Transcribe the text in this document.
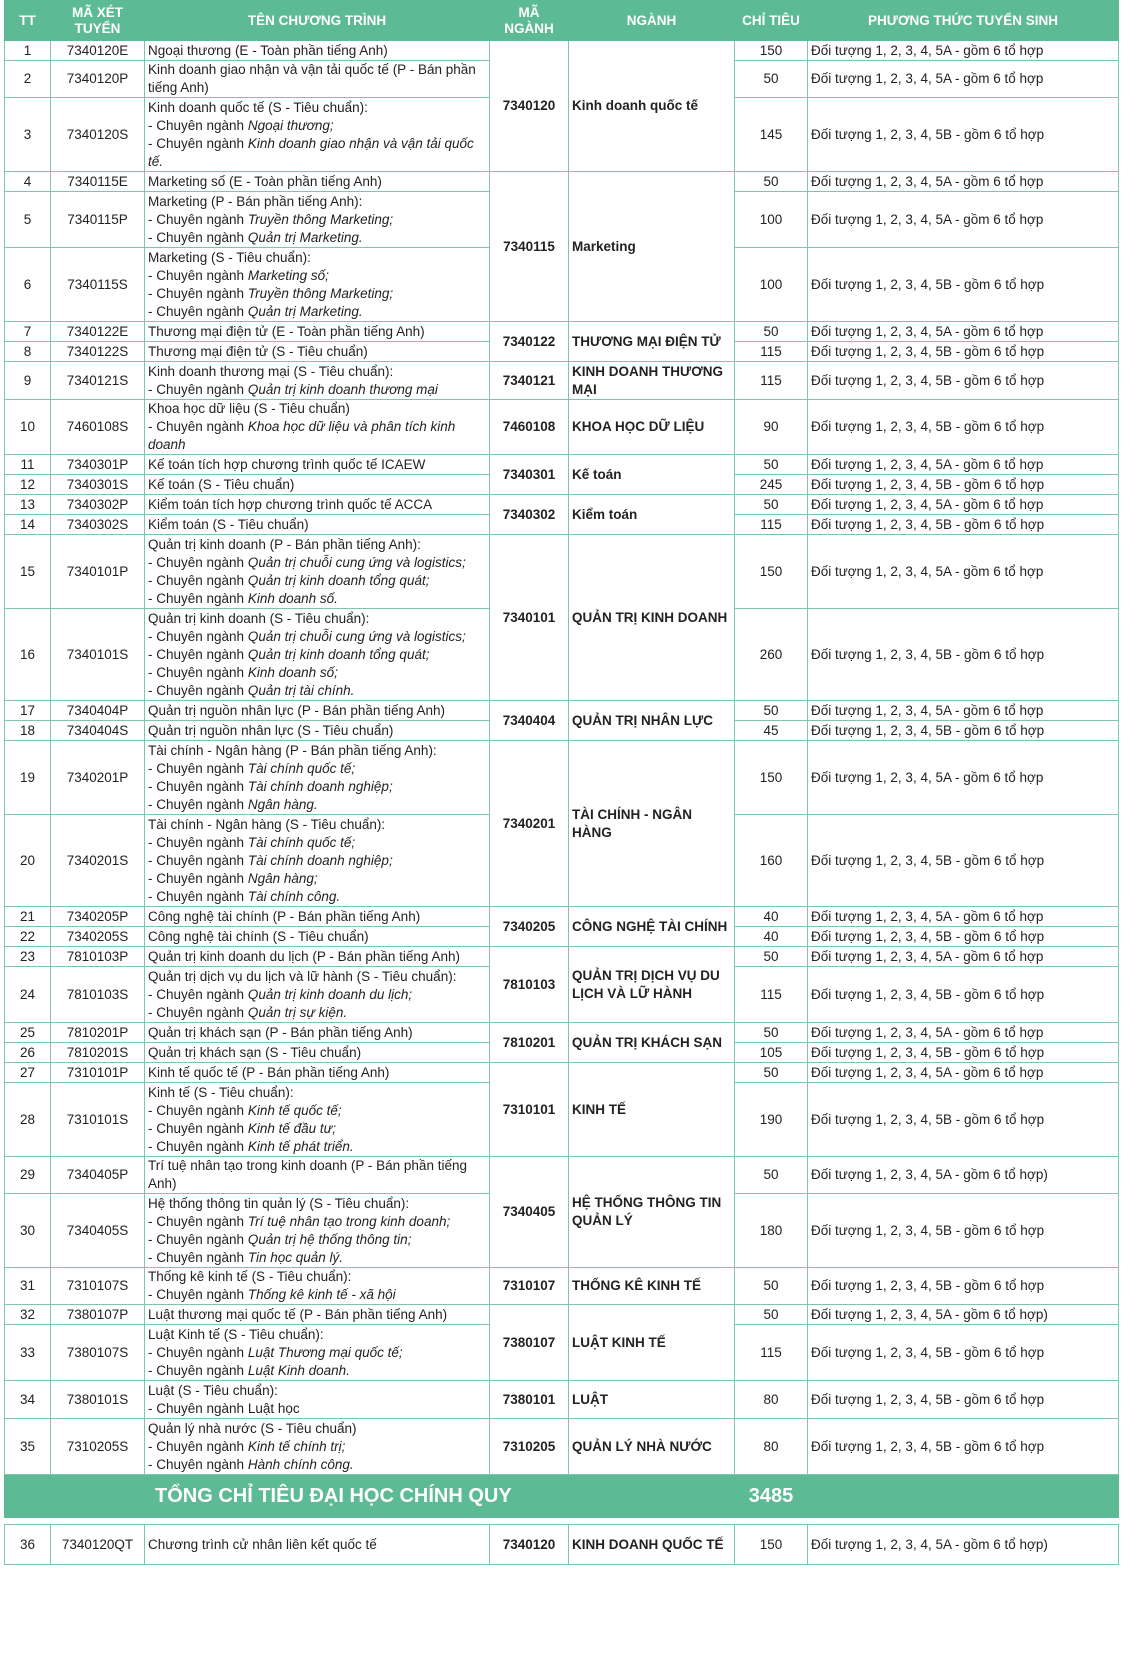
TT	MÃ XÉT TUYỂN	TÊN CHƯƠNG TRÌNH	MÃ NGÀNH	NGÀNH	CHỈ TIÊU	PHƯƠNG THỨC TUYỂN SINH
1	7340120E	Ngoại thương (E - Toàn phần tiếng Anh)	7340120	Kinh doanh quốc tế	150	Đối tượng 1, 2, 3, 4, 5A - gồm 6 tổ hợp
2	7340120P	Kinh doanh giao nhận và vận tải quốc tế (P - Bán phần tiếng Anh)			50	Đối tượng 1, 2, 3, 4, 5A - gồm 6 tổ hợp
3	7340120S	Kinh doanh quốc tế (S - Tiêu chuẩn):
- Chuyên ngành Ngoại thương;
- Chuyên ngành Kinh doanh giao nhận và vận tải quốc tế.			145	Đối tượng 1, 2, 3, 4, 5B - gồm 6 tổ hợp
4	7340115E	Marketing số (E - Toàn phần tiếng Anh)	7340115	Marketing	50	Đối tượng 1, 2, 3, 4, 5A - gồm 6 tổ hợp
5	7340115P	Marketing (P - Bán phần tiếng Anh):
- Chuyên ngành Truyền thông Marketing;
- Chuyên ngành Quản trị Marketing.			100	Đối tượng 1, 2, 3, 4, 5A - gồm 6 tổ hợp
6	7340115S	Marketing (S - Tiêu chuẩn):
- Chuyên ngành Marketing số;
- Chuyên ngành Truyền thông Marketing;
- Chuyên ngành Quản trị Marketing.			100	Đối tượng 1, 2, 3, 4, 5B - gồm 6 tổ hợp
7	7340122E	Thương mại điện tử (E - Toàn phần tiếng Anh)	7340122	THƯƠNG MẠI ĐIỆN TỬ	50	Đối tượng 1, 2, 3, 4, 5A - gồm 6 tổ hợp
8	7340122S	Thương mại điện tử (S - Tiêu chuẩn)			115	Đối tượng 1, 2, 3, 4, 5B - gồm 6 tổ hợp
9	7340121S	Kinh doanh thương mại (S - Tiêu chuẩn):
- Chuyên ngành Quản trị kinh doanh thương mại	7340121	KINH DOANH THƯƠNG MẠI	115	Đối tượng 1, 2, 3, 4, 5B - gồm 6 tổ hợp
10	7460108S	Khoa học dữ liệu (S - Tiêu chuẩn)
- Chuyên ngành Khoa học dữ liệu và phân tích kinh doanh	7460108	KHOA HỌC DỮ LIỆU	90	Đối tượng 1, 2, 3, 4, 5B - gồm 6 tổ hợp
11	7340301P	Kế toán tích hợp chương trình quốc tế ICAEW	7340301	Kế toán	50	Đối tượng 1, 2, 3, 4, 5A - gồm 6 tổ hợp
12	7340301S	Kế toán (S - Tiêu chuẩn)			245	Đối tượng 1, 2, 3, 4, 5B - gồm 6 tổ hợp
13	7340302P	Kiểm toán tích hợp chương trình quốc tế ACCA	7340302	Kiểm toán	50	Đối tượng 1, 2, 3, 4, 5A - gồm 6 tổ hợp
14	7340302S	Kiểm toán (S - Tiêu chuẩn)			115	Đối tượng 1, 2, 3, 4, 5B - gồm 6 tổ hợp
15	7340101P	Quản trị kinh doanh (P - Bán phần tiếng Anh):
- Chuyên ngành Quản trị chuỗi cung ứng và logistics;
- Chuyên ngành Quản trị kinh doanh tổng quát;
- Chuyên ngành Kinh doanh số.	7340101	QUẢN TRỊ KINH DOANH	150	Đối tượng 1, 2, 3, 4, 5A - gồm 6 tổ hợp
16	7340101S	Quản trị kinh doanh (S - Tiêu chuẩn):
- Chuyên ngành Quản trị chuỗi cung ứng và logistics;
- Chuyên ngành Quản trị kinh doanh tổng quát;
- Chuyên ngành Kinh doanh số;
- Chuyên ngành Quản trị tài chính.			260	Đối tượng 1, 2, 3, 4, 5B - gồm 6 tổ hợp
17	7340404P	Quản trị nguồn nhân lực (P - Bán phần tiếng Anh)	7340404	QUẢN TRỊ NHÂN LỰC	50	Đối tượng 1, 2, 3, 4, 5A - gồm 6 tổ hợp
18	7340404S	Quản trị nguồn nhân lực (S - Tiêu chuẩn)			45	Đối tượng 1, 2, 3, 4, 5B - gồm 6 tổ hợp
19	7340201P	Tài chính - Ngân hàng (P - Bán phần tiếng Anh):
- Chuyên ngành Tài chính quốc tế;
- Chuyên ngành Tài chính doanh nghiệp;
- Chuyên ngành Ngân hàng.	7340201	TÀI CHÍNH - NGÂN HÀNG	150	Đối tượng 1, 2, 3, 4, 5A - gồm 6 tổ hợp
20	7340201S	Tài chính - Ngân hàng (S - Tiêu chuẩn):
- Chuyên ngành Tài chính quốc tế;
- Chuyên ngành Tài chính doanh nghiệp;
- Chuyên ngành Ngân hàng;
- Chuyên ngành Tài chính công.			160	Đối tượng 1, 2, 3, 4, 5B - gồm 6 tổ hợp
21	7340205P	Công nghệ tài chính (P - Bán phần tiếng Anh)	7340205	CÔNG NGHỆ TÀI CHÍNH	40	Đối tượng 1, 2, 3, 4, 5A - gồm 6 tổ hợp
22	7340205S	Công nghệ tài chính (S - Tiêu chuẩn)			40	Đối tượng 1, 2, 3, 4, 5B - gồm 6 tổ hợp
23	7810103P	Quản trị kinh doanh du lịch (P - Bán phần tiếng Anh)	7810103	QUẢN TRỊ DỊCH VỤ DU LỊCH VÀ LỮ HÀNH	50	Đối tượng 1, 2, 3, 4, 5A - gồm 6 tổ hợp
24	7810103S	Quản trị dịch vụ du lịch và lữ hành (S - Tiêu chuẩn):
- Chuyên ngành Quản trị kinh doanh du lịch;
- Chuyên ngành Quản trị sự kiện.			115	Đối tượng 1, 2, 3, 4, 5B - gồm 6 tổ hợp
25	7810201P	Quản trị khách sạn (P - Bán phần tiếng Anh)	7810201	QUẢN TRỊ KHÁCH SẠN	50	Đối tượng 1, 2, 3, 4, 5A - gồm 6 tổ hợp
26	7810201S	Quản trị khách sạn (S - Tiêu chuẩn)			105	Đối tượng 1, 2, 3, 4, 5B - gồm 6 tổ hợp
27	7310101P	Kinh tế quốc tế (P - Bán phần tiếng Anh)	7310101	KINH TẾ	50	Đối tượng 1, 2, 3, 4, 5A - gồm 6 tổ hợp
28	7310101S	Kinh tế (S - Tiêu chuẩn):
- Chuyên ngành Kinh tế quốc tế;
- Chuyên ngành Kinh tế đầu tư;
- Chuyên ngành Kinh tế phát triển.			190	Đối tượng 1, 2, 3, 4, 5B - gồm 6 tổ hợp
29	7340405P	Trí tuệ nhân tạo trong kinh doanh (P - Bán phần tiếng Anh)	7340405	HỆ THỐNG THÔNG TIN QUẢN LÝ	50	Đối tượng 1, 2, 3, 4, 5A - gồm 6 tổ hợp)
30	7340405S	Hệ thống thông tin quản lý (S - Tiêu chuẩn):
- Chuyên ngành Trí tuệ nhân tạo trong kinh doanh;
- Chuyên ngành Quản trị hệ thống thông tin;
- Chuyên ngành Tin học quản lý.			180	Đối tượng 1, 2, 3, 4, 5B - gồm 6 tổ hợp
31	7310107S	Thống kê kinh tế (S - Tiêu chuẩn):
- Chuyên ngành Thống kê kinh tế - xã hội	7310107	THỐNG KÊ KINH TẾ	50	Đối tượng 1, 2, 3, 4, 5B - gồm 6 tổ hợp
32	7380107P	Luật thương mại quốc tế (P - Bán phần tiếng Anh)	7380107	LUẬT KINH TẾ	50	Đối tượng 1, 2, 3, 4, 5A - gồm 6 tổ hợp)
33	7380107S	Luật Kinh tế (S - Tiêu chuẩn):
- Chuyên ngành Luật Thương mại quốc tế;
- Chuyên ngành Luật Kinh doanh.			115	Đối tượng 1, 2, 3, 4, 5B - gồm 6 tổ hợp
34	7380101S	Luật (S - Tiêu chuẩn):
- Chuyên ngành Luật học	7380101	LUẬT	80	Đối tượng 1, 2, 3, 4, 5B - gồm 6 tổ hợp
35	7310205S	Quản lý nhà nước (S - Tiêu chuẩn)
- Chuyên ngành Kinh tế chính trị;
- Chuyên ngành Hành chính công.	7310205	QUẢN LÝ NHÀ NƯỚC	80	Đối tượng 1, 2, 3, 4, 5B - gồm 6 tổ hợp
TỔNG CHỈ TIÊU ĐẠI HỌC CHÍNH QUY					3485	

36	7340120QT	Chương trình cử nhân liên kết quốc tế	7340120	KINH DOANH QUỐC TẾ	150	Đối tượng 1, 2, 3, 4, 5A - gồm 6 tổ hợp)
